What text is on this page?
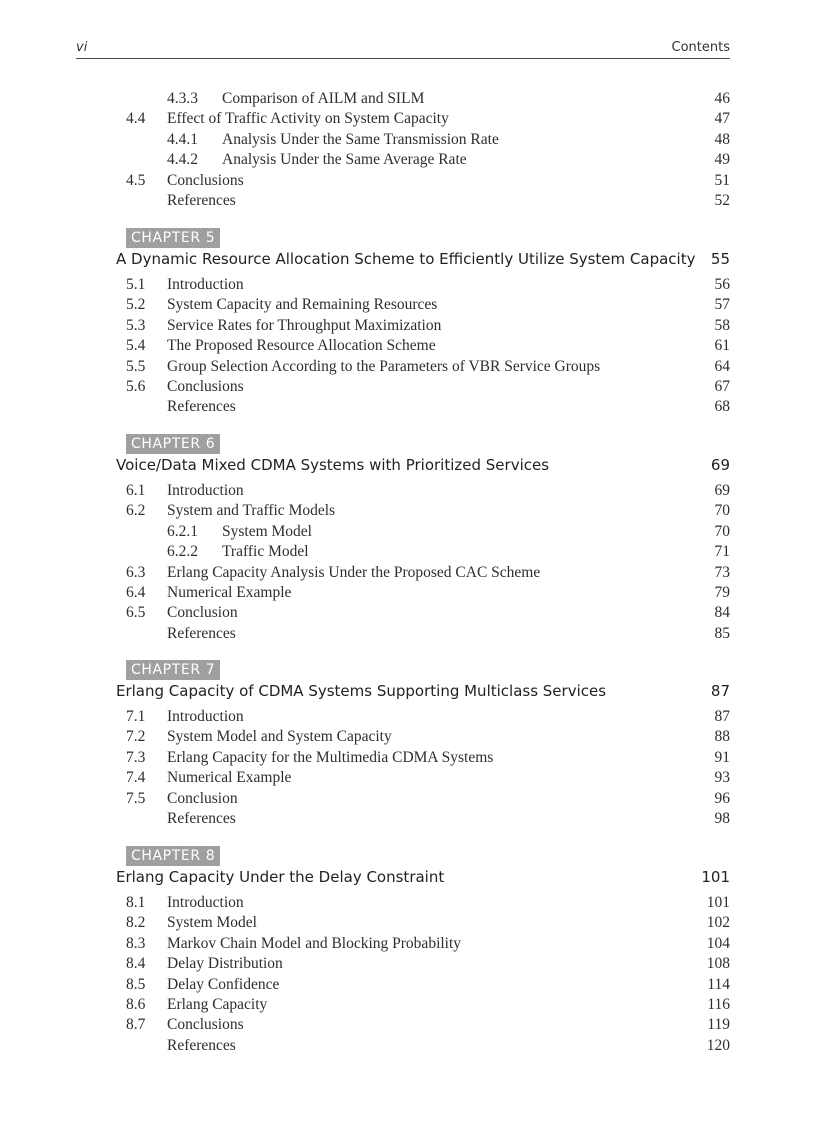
vi	Contents
4.3.3 Comparison of AILM and SILM	46
4.4 Effect of Traffic Activity on System Capacity	47
4.4.1 Analysis Under the Same Transmission Rate	48
4.4.2 Analysis Under the Same Average Rate	49
4.5 Conclusions	51
References	52
CHAPTER 5
A Dynamic Resource Allocation Scheme to Efficiently Utilize System Capacity 55
5.1 Introduction	56
5.2 System Capacity and Remaining Resources	57
5.3 Service Rates for Throughput Maximization	58
5.4 The Proposed Resource Allocation Scheme	61
5.5 Group Selection According to the Parameters of VBR Service Groups	64
5.6 Conclusions	67
References	68
CHAPTER 6
Voice/Data Mixed CDMA Systems with Prioritized Services	69
6.1 Introduction	69
6.2 System and Traffic Models	70
6.2.1 System Model	70
6.2.2 Traffic Model	71
6.3 Erlang Capacity Analysis Under the Proposed CAC Scheme	73
6.4 Numerical Example	79
6.5 Conclusion	84
References	85
CHAPTER 7
Erlang Capacity of CDMA Systems Supporting Multiclass Services	87
7.1 Introduction	87
7.2 System Model and System Capacity	88
7.3 Erlang Capacity for the Multimedia CDMA Systems	91
7.4 Numerical Example	93
7.5 Conclusion	96
References	98
CHAPTER 8
Erlang Capacity Under the Delay Constraint	101
8.1 Introduction	101
8.2 System Model	102
8.3 Markov Chain Model and Blocking Probability	104
8.4 Delay Distribution	108
8.5 Delay Confidence	114
8.6 Erlang Capacity	116
8.7 Conclusions	119
References	120
